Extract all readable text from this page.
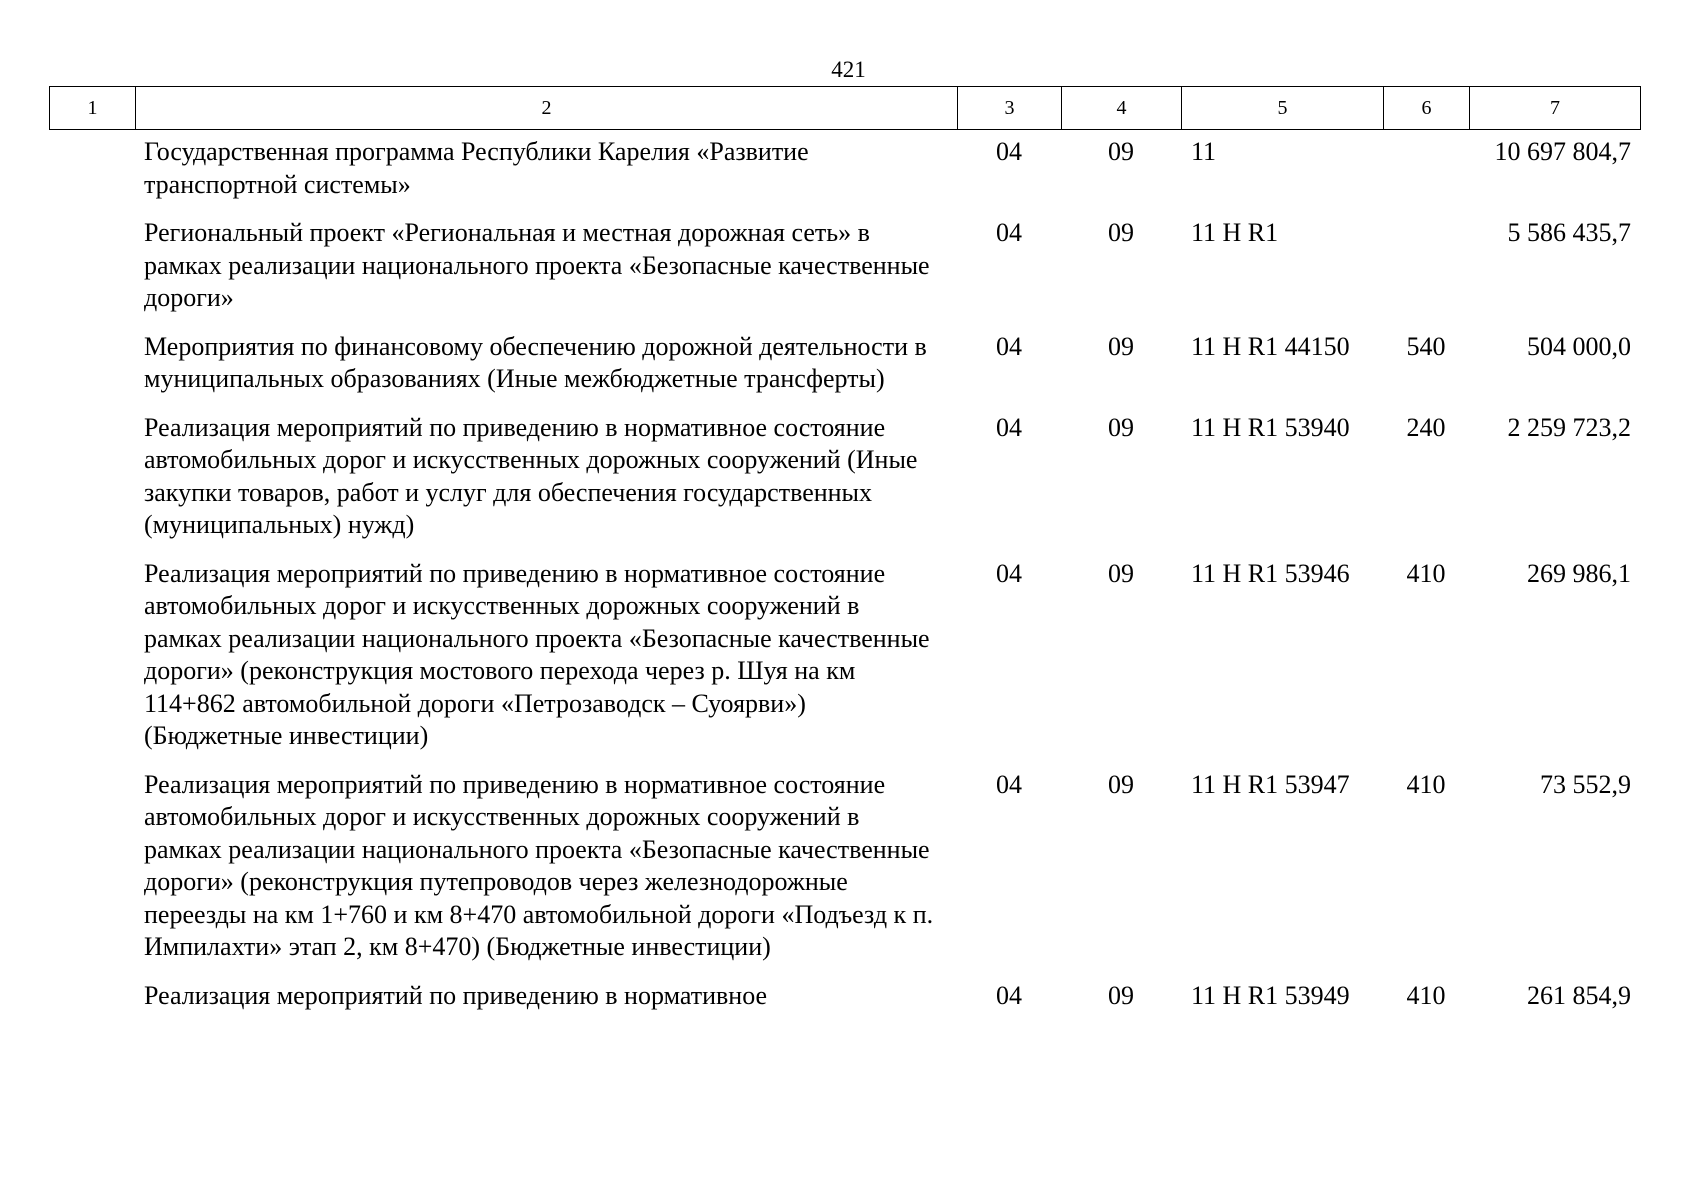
421
1	2	3	4	5	6	7
	Государственная программа Республики Карелия «Развитие транспортной системы»	04	09	11		10 697 804,7
	Региональный проект «Региональная и местная дорожная сеть» в рамках реализации национального проекта «Безопасные качественные дороги»	04	09	11 Н R1		5 586 435,7
	Мероприятия по финансовому обеспечению дорожной деятельности в муниципальных образованиях (Иные межбюджетные трансферты)	04	09	11 Н R1 44150	540	504 000,0
	Реализация мероприятий по приведению в нормативное состояние автомобильных дорог и искусственных дорожных сооружений (Иные закупки товаров, работ и услуг для обеспечения государственных (муниципальных) нужд)	04	09	11 Н R1 53940	240	2 259 723,2
	Реализация мероприятий по приведению в нормативное состояние автомобильных дорог и искусственных дорожных сооружений в рамках реализации национального проекта «Безопасные качественные дороги» (реконструкция мостового перехода через р. Шуя на км 114+862 автомобильной дороги «Петрозаводск – Суоярви») (Бюджетные инвестиции)	04	09	11 Н R1 53946	410	269 986,1
	Реализация мероприятий по приведению в нормативное состояние автомобильных дорог и искусственных дорожных сооружений в рамках реализации национального проекта «Безопасные качественные дороги» (реконструкция путепроводов через железнодорожные переезды на км 1+760 и км 8+470 автомобильной дороги «Подъезд к п. Импилахти» этап 2, км 8+470) (Бюджетные инвестиции)	04	09	11 Н R1 53947	410	73 552,9
	Реализация мероприятий по приведению в нормативное	04	09	11 Н R1 53949	410	261 854,9
